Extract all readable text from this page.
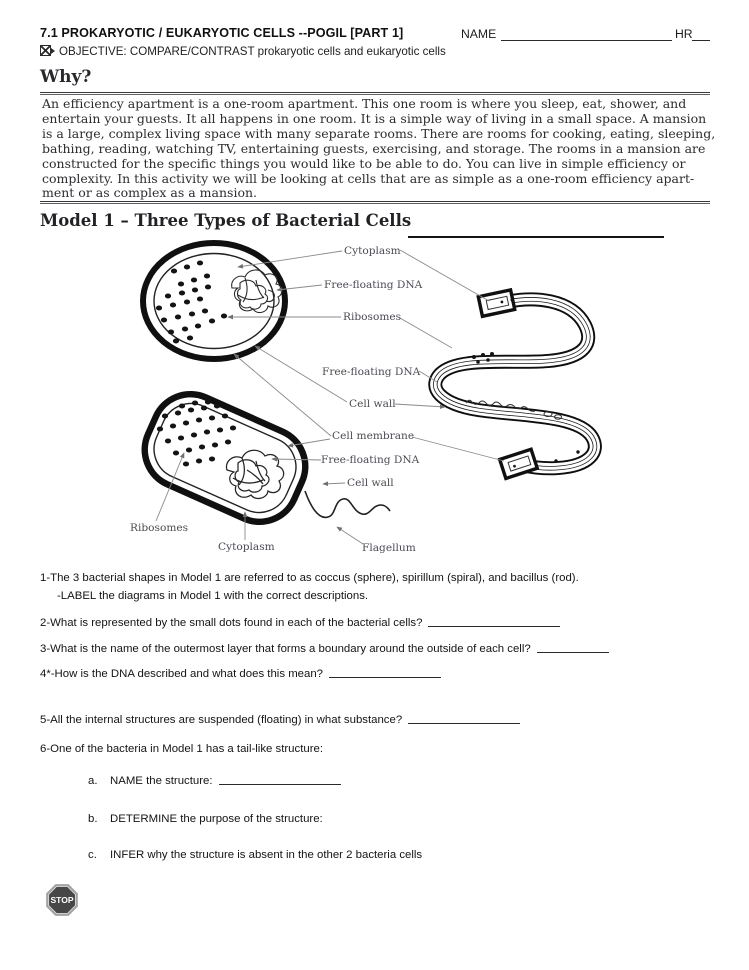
7.1 PROKARYOTIC / EUKARYOTIC CELLS --POGIL [PART 1]	NAME	HR
OBJECTIVE: COMPARE/CONTRAST prokaryotic cells and eukaryotic cells
Why?
An efficiency apartment is a one-room apartment. This one room is where you sleep, eat, shower, and
entertain your guests. It all happens in one room. It is a simple way of living in a small space. A mansion
is a large, complex living space with many separate rooms. There are rooms for cooking, eating, sleeping,
bathing, reading, watching TV, entertaining guests, exercising, and storage. The rooms in a mansion are
constructed for the specific things you would like to be able to do. You can live in simple efficiency or
complexity. In this activity we will be looking at cells that are as simple as a one-room efficiency apart-
ment or as complex as a mansion.
Model 1 – Three Types of Bacterial Cells
Cytoplasm
Free-floating DNA
Ribosomes
Free-floating DNA
Cell wall
Cell membrane
Free-floating DNA
Cell wall
Ribosomes
Cytoplasm	Flagellum
1-The 3 bacterial shapes in Model 1 are referred to as coccus (sphere), spirillum (spiral), and bacillus (rod).
-LABEL the diagrams in Model 1 with the correct descriptions.
2-What is represented by the small dots found in each of the bacterial cells?
3-What is the name of the outermost layer that forms a boundary around the outside of each cell?
4*-How is the DNA described and what does this mean?
5-All the internal structures are suspended (floating) in what substance?
6-One of the bacteria in Model 1 has a tail-like structure:
a. NAME the structure:
b. DETERMINE the purpose of the structure:
c. INFER why the structure is absent in the other 2 bacteria cells
STOP
